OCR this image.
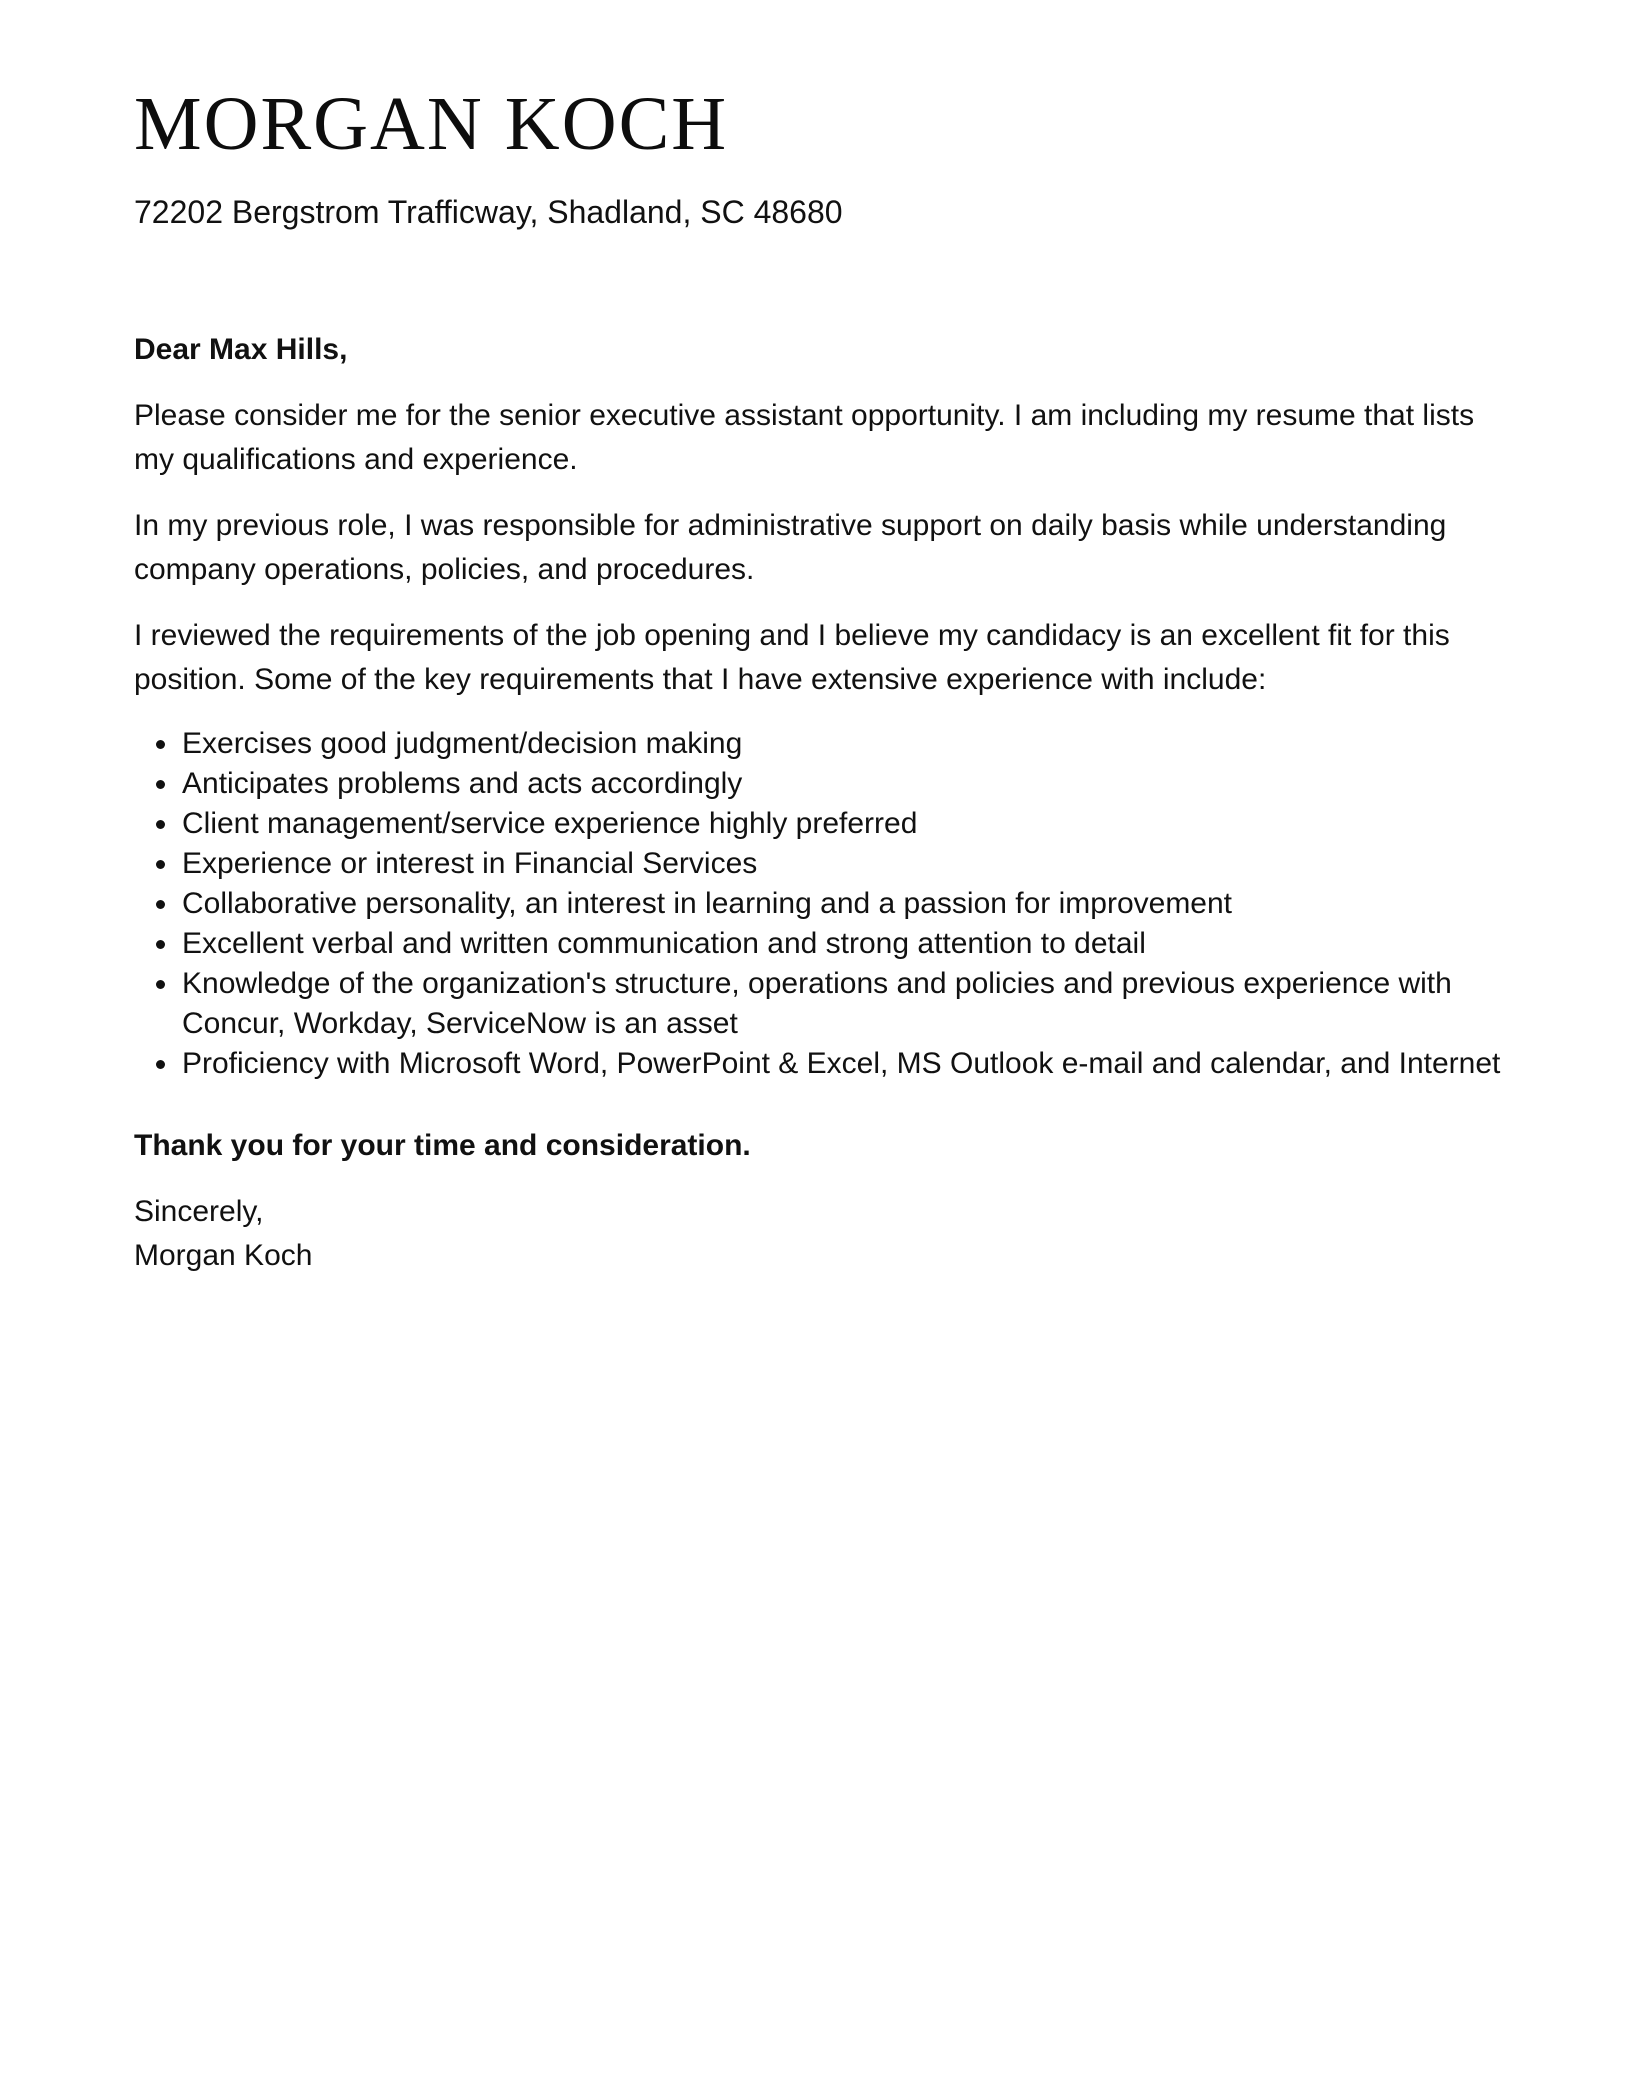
MORGAN KOCH
72202 Bergstrom Trafficway, Shadland, SC 48680

Dear Max Hills,

Please consider me for the senior executive assistant opportunity. I am including my resume that lists my qualifications and experience.

In my previous role, I was responsible for administrative support on daily basis while understanding company operations, policies, and procedures.

I reviewed the requirements of the job opening and I believe my candidacy is an excellent fit for this position. Some of the key requirements that I have extensive experience with include:

Exercises good judgment/decision making
Anticipates problems and acts accordingly
Client management/service experience highly preferred
Experience or interest in Financial Services
Collaborative personality, an interest in learning and a passion for improvement
Excellent verbal and written communication and strong attention to detail
Knowledge of the organization's structure, operations and policies and previous experience with Concur, Workday, ServiceNow is an asset
Proficiency with Microsoft Word, PowerPoint & Excel, MS Outlook e-mail and calendar, and Internet

Thank you for your time and consideration.

Sincerely,

Morgan Koch
